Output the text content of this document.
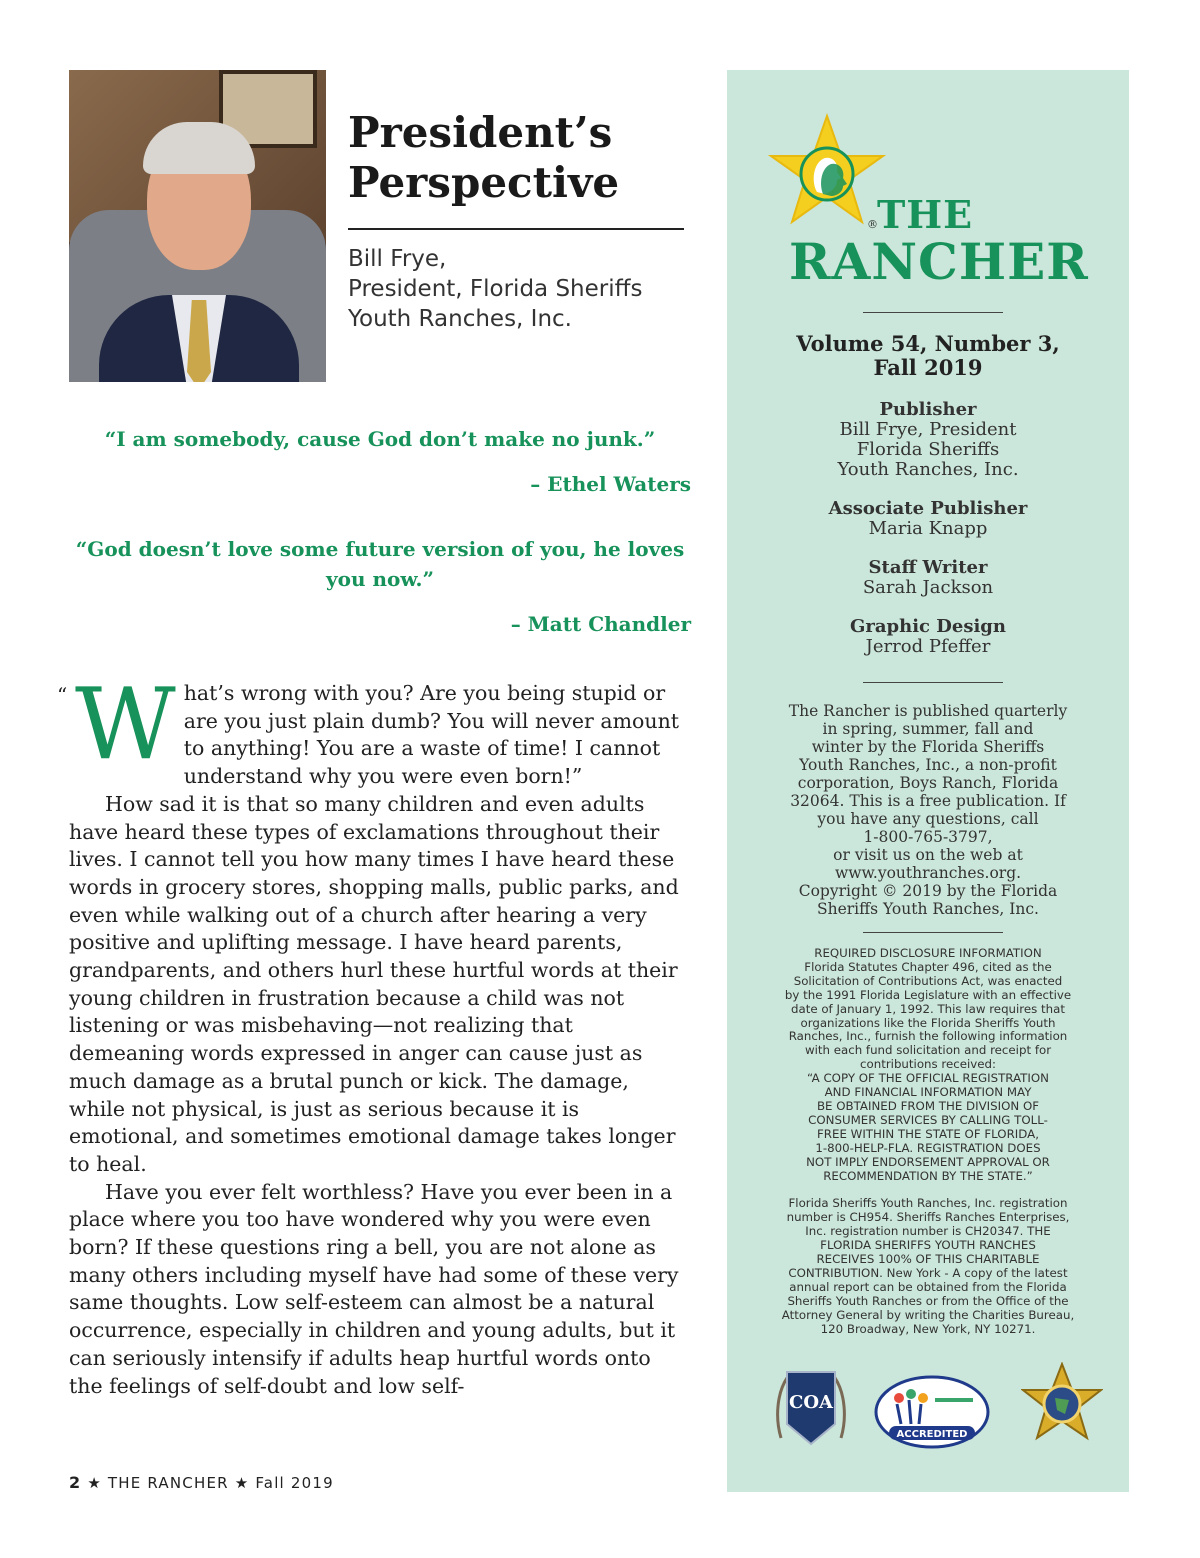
President’s
Perspective
Bill Frye,
President, Florida Sheriffs
Youth Ranches, Inc.
“I am somebody, cause God don’t make no junk.”
– Ethel Waters
“God doesn’t love some future version of you, he loves you now.”
– Matt Chandler
“ What’s wrong with you? Are you being stupid or are you just plain dumb? You will never amount to anything! You are a waste of time! I cannot understand why you were even born!”

How sad it is that so many children and even adults have heard these types of exclamations throughout their lives. I cannot tell you how many times I have heard these words in grocery stores, shopping malls, public parks, and even while walking out of a church after hearing a very positive and uplifting message. I have heard parents, grandparents, and others hurl these hurtful words at their young children in frustration because a child was not listening or was misbehaving—not realizing that demeaning words expressed in anger can cause just as much damage as a brutal punch or kick. The damage, while not physical, is just as serious because it is emotional, and sometimes emotional damage takes longer to heal.

Have you ever felt worthless? Have you ever been in a place where you too have wondered why you were even born? If these questions ring a bell, you are not alone as many others including myself have had some of these very same thoughts. Low self-esteem can almost be a natural occurrence, especially in children and young adults, but it can seriously intensify if adults heap hurtful words onto the feelings of self-doubt and low self-

2 ★ THE RANCHER ★ Fall 2019
® THE
RANCHER
Volume 54, Number 3,
Fall 2019
Publisher
Bill Frye, President
Florida Sheriffs
Youth Ranches, Inc.
Associate Publisher
Maria Knapp
Staff Writer
Sarah Jackson
Graphic Design
Jerrod Pfeffer
The Rancher is published quarterly
in spring, summer, fall and
winter by the Florida Sheriffs
Youth Ranches, Inc., a non-profit
corporation, Boys Ranch, Florida
32064. This is a free publication. If
you have any questions, call
1-800-765-3797,
or visit us on the web at
www.youthranches.org.
Copyright © 2019 by the Florida
Sheriffs Youth Ranches, Inc.

REQUIRED DISCLOSURE INFORMATION
Florida Statutes Chapter 496, cited as the
Solicitation of Contributions Act, was enacted
by the 1991 Florida Legislature with an effective
date of January 1, 1992. This law requires that
organizations like the Florida Sheriffs Youth
Ranches, Inc., furnish the following information
with each fund solicitation and receipt for
contributions received:
“A COPY OF THE OFFICIAL REGISTRATION
AND FINANCIAL INFORMATION MAY
BE OBTAINED FROM THE DIVISION OF
CONSUMER SERVICES BY CALLING TOLL-
FREE WITHIN THE STATE OF FLORIDA,
1-800-HELP-FLA. REGISTRATION DOES
NOT IMPLY ENDORSEMENT APPROVAL OR
RECOMMENDATION BY THE STATE.”

Florida Sheriffs Youth Ranches, Inc. registration
number is CH954. Sheriffs Ranches Enterprises,
Inc. registration number is CH20347. THE
FLORIDA SHERIFFS YOUTH RANCHES
RECEIVES 100% OF THIS CHARITABLE
CONTRIBUTION. New York - A copy of the latest
annual report can be obtained from the Florida
Sheriffs Youth Ranches or from the Office of the
Attorney General by writing the Charities Bureau,
120 Broadway, New York, NY 10271.

COA
ACCREDITED
